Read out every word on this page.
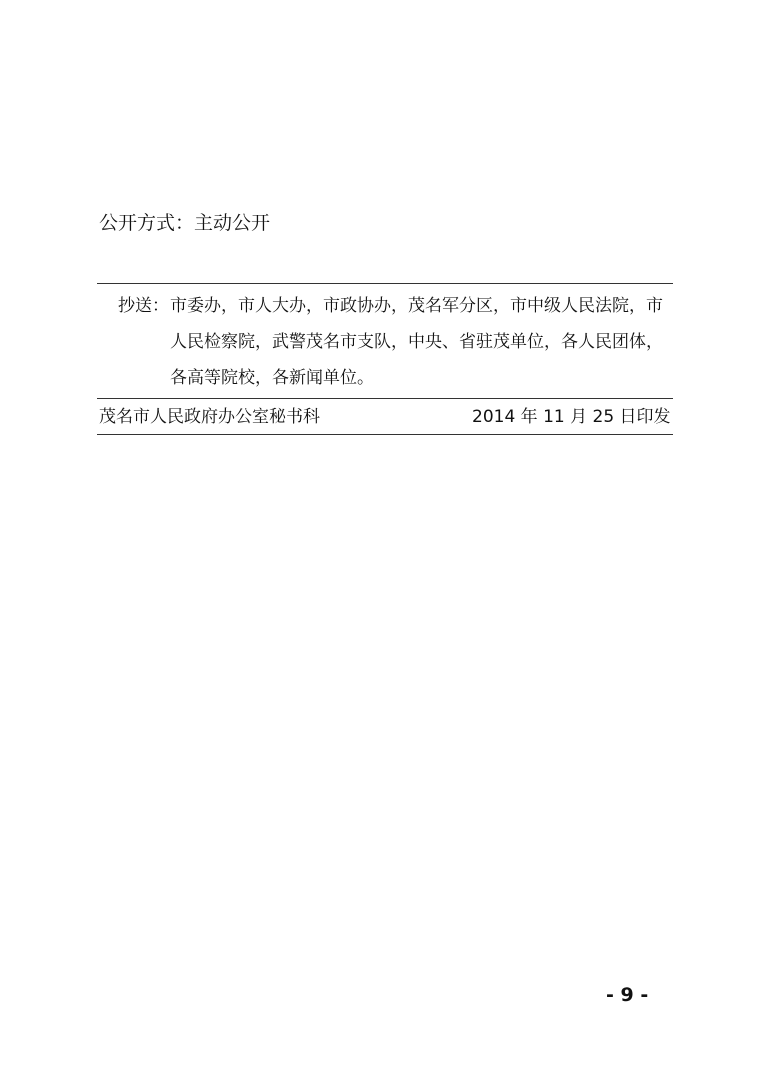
公开方式：主动公开
抄送： 市委办，市人大办，市政协办，茂名军分区，市中级人民法院，市
人民检察院，武警茂名市支队，中央、省驻茂单位，各人民团体，
各高等院校，各新闻单位。
茂名市人民政府办公室秘书科	2014 年 11 月 25 日印发
- 9 -
